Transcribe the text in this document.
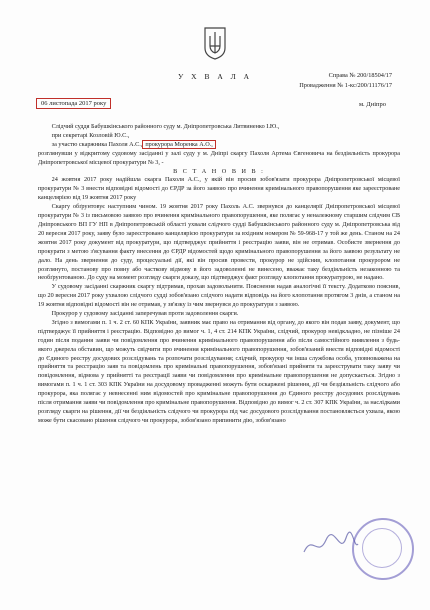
У Х В А Л А	Справа № 200/18504/17
Провадження № 1-кс/200/11176/17
06 листопада 2017 року	м. Дніпро

Слідчий суддя Бабушкінського районного суду м. Дніпропетровська Литвиненко І.Ю.,

при секретарі Козловій Ю.С.,

за участю скаржника Пахоля А.С., прокурора Моренка А.О.,

розглянувши у відкритому судовому засіданні у залі суду у м. Дніпрі скаргу Пахоля Артема Євгеновича на бездіяльність прокурора Дніпропетровської місцевої прокуратури № 3, -

В С Т А Н О В И В :

24 жовтня 2017 року надійшла скарга Пахоля А.С., у якій він просив зобов'язати прокурора Дніпропетровської місцевої прокуратури № 3 внести відповідні відомості до ЄРДР за його заявою про вчинення кримінального правопорушення яке зареєстроване канцелярією від 19 жовтня 2017 року

Скаргу обґрунтовує наступним чином. 19 жовтня 2017 року Пахоль А.С. звернувся до канцелярії Дніпропетровської місцевої прокуратури № 3 із письмовою заявою про вчинення кримінального правопорушення, яке полягає у неналежному старшим слідчим СВ Дніпровського ВП ГУ НП в Дніпропетровській області ухвали слідчого судді Бабушкінського районного суду м. Дніпропетровська від 20 вересня 2017 року, заяву було зареєстровано канцелярією прокуратури за вхідним номером № 59-968-17 у той же день. Станом на 24 жовтня 2017 року документ від прокуратури, що підтверджує прийняття і реєстрацію заяви, він не отримав. Особисте звернення до прокурати з метою з'ясування факту внесення до ЄРДР відомостей щодо кримінального правопорушення за його заявою результату не дало. На день звернення до суду, процесуальні дії, які він просив провести, прокурор не здійснив, клопотання прокурором не розглянуто, постанову про повну або часткову відмову в його задоволенні не винесено, вважає таку бездіяльність незаконною та необґрунтованою. До суду на момент розгляду скарги доказу, що підтверджує факт розгляду клопотання прокуратурою, не надано.

У судовому засіданні скаржник скаргу підтримав, прохав задовольнити. Пояснення надав аналогічні її тексту. Додатково пояснив, що 20 вересня 2017 року ухвалою слідчого судді зобов'язано слідчого надати відповідь на його клопотання протягом 3 днів, а станом на 19 жовтня відповідні відомості він не отримав, у зв'язку із чим звернувся до прокуратури з заявою.

Прокурор у судовому засіданні заперечував проти задоволення скарги.

Згідно з вимогами п. 1 ч. 2 ст. 60 КПК України, заявник має право на отримання від органу, до якого він подав заяву, документ, що підтверджує її прийняття і реєстрацію. Відповідно до вимог ч. 1, 4 ст. 214 КПК України, слідчий, прокурор невідкладно, не пізніше 24 годин після подання заяви чи повідомлення про вчинення кримінального правопорушення або після самостійного виявлення з будь-якого джерела обставин, що можуть свідчити про вчинення кримінального правопорушення, зобов'язаний внести відповідні відомості до Єдиного реєстру досудових розслідувань та розпочати розслідування; слідчий, прокурор чи інша службова особа, уповноважена на прийняття та реєстрацію заяв та повідомлень про кримінальні правопорушення, зобов'язані прийняти та зареєструвати таку заяву чи повідомлення, відмова у прийнятті та реєстрації заяви чи повідомлення про кримінальне правопорушення не допускається. Згідно з вимогами п. 1 ч. 1 ст. 303 КПК України на досудовому провадженні можуть бути оскаржені рішення, дії чи бездіяльність слідчого або прокурора, яка полягає у невнесенні ним відомостей про кримінальне правопорушення до Єдиного реєстру досудових розслідувань після отримання заяви чи повідомлення про кримінальне правопорушення. Відповідно до вимог ч. 2 ст. 307 КПК України, за наслідками розгляду скарги на рішення, дії чи бездіяльність слідчого чи прокурора під час досудового розслідування постановляється ухвала, якою може бути скасовано рішення слідчого чи прокурора, зобов'язано припинити дію, зобов'язано
